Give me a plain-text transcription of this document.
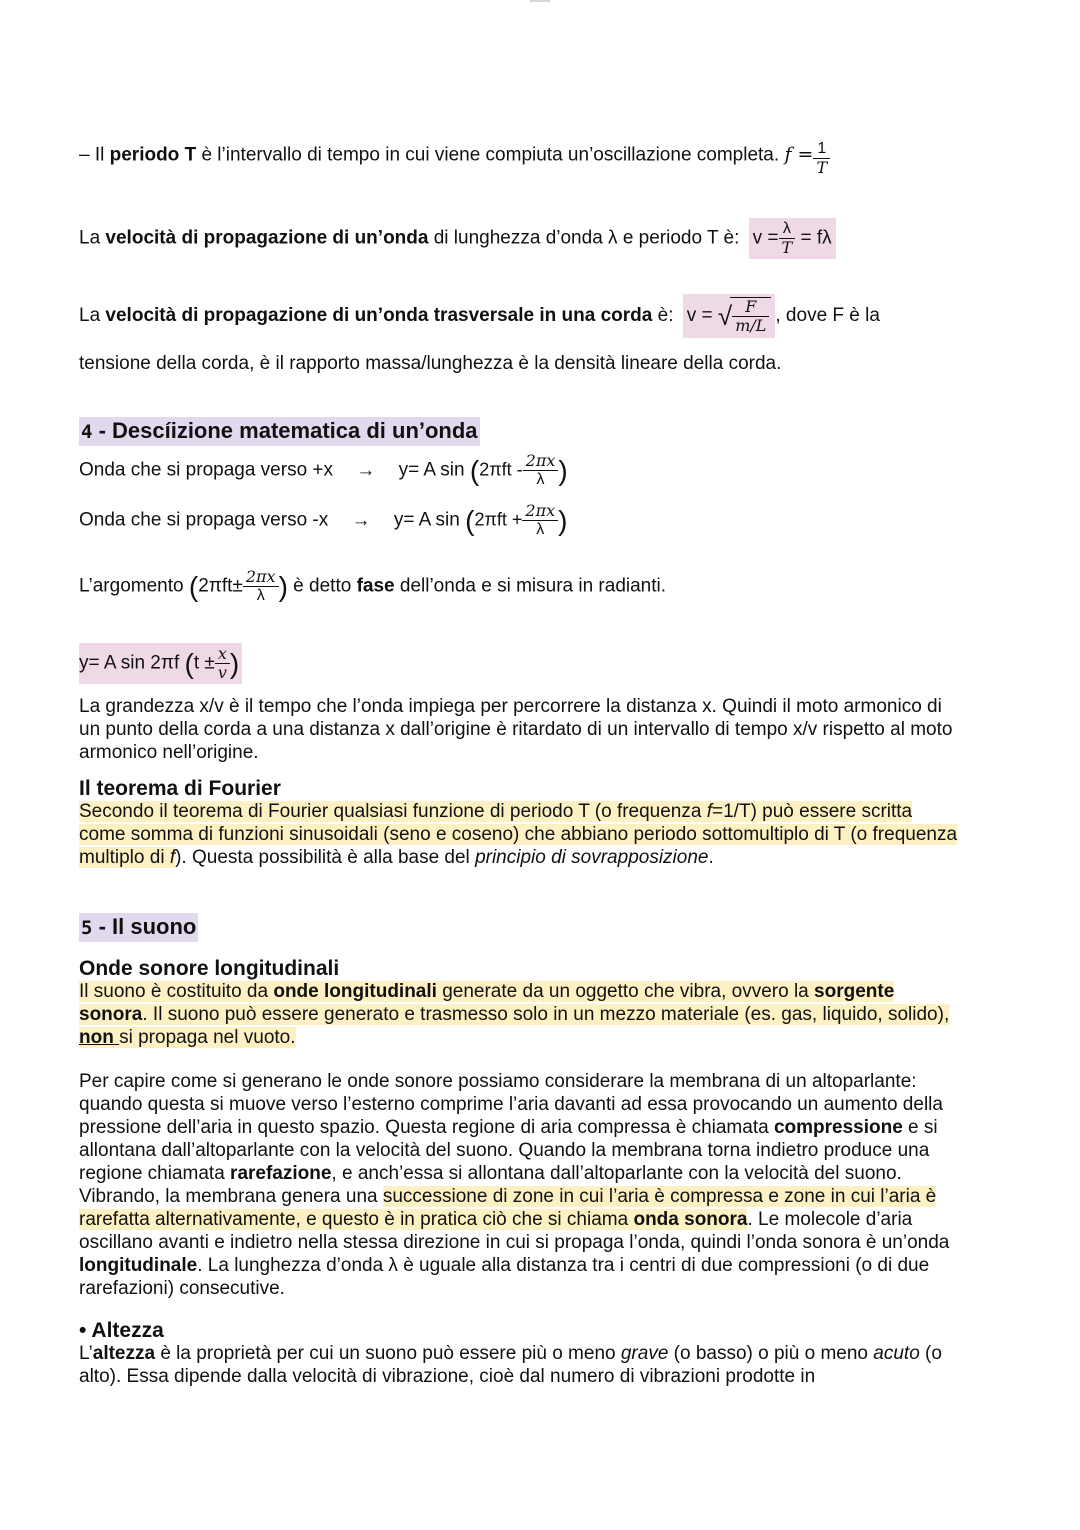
– Il periodo T è l’intervallo di tempo in cui viene compiuta un’oscillazione completa. $f = \frac{1}{T}$
La velocità di propagazione di un’onda di lunghezza d’onda λ e periodo T è: $v = \frac{\lambda}{T} = f\lambda$
La velocità di propagazione di un’onda trasversale in una corda è: v = √ $\frac{F}{m/L}$ , dove F è la
tensione della corda, è il rapporto massa/lunghezza è la densità lineare della corda.
4 - Descíizione matematica di un’onda
Onda che si propaga verso +x → y= A $\sin (2\pi ft - \frac{2\pi x}{\lambda}$ )
Onda che si propaga verso -x → y= A $\sin (2\pi ft + \frac{2\pi x}{\lambda}$ )
L’argomento ($2\pi ft\pm \frac{2\pi x}{\lambda}$ ) è detto fase dell’onda e si misura in radianti.
y= A sin 2πf ($t \pm \frac{x}{v}$ )
La grandezza x/v è il tempo che l’onda impiega per percorrere la distanza x. Quindi il moto armonico di un punto della corda a una distanza x dall’origine è ritardato di un intervallo di tempo x/v rispetto al moto armonico nell’origine.
Il teorema di Fourier
Secondo il teorema di Fourier qualsiasi funzione di periodo T (o frequenza f=1/T) può essere scritta come somma di funzioni sinusoidali (seno e coseno) che abbiano periodo sottomultiplo di T (o frequenza multiplo di f). Questa possibilità è alla base del principio di sovrapposizione.
5 - Il suono
Onde sonore longitudinali
Il suono è costituito da onde longitudinali generate da un oggetto che vibra, ovvero la sorgente sonora. Il suono può essere generato e trasmesso solo in un mezzo materiale (es. gas, liquido, solido), non si propaga nel vuoto.
Per capire come si generano le onde sonore possiamo considerare la membrana di un altoparlante: quando questa si muove verso l’esterno comprime l’aria davanti ad essa provocando un aumento della pressione dell’aria in questo spazio. Questa regione di aria compressa è chiamata compressione e si allontana dall’altoparlante con la velocità del suono. Quando la membrana torna indietro produce una regione chiamata rarefazione, e anch’essa si allontana dall’altoparlante con la velocità del suono. Vibrando, la membrana genera una successione di zone in cui l’aria è compressa e zone in cui l’aria è rarefatta alternativamente, e questo è in pratica ciò che si chiama onda sonora. Le molecole d’aria oscillano avanti e indietro nella stessa direzione in cui si propaga l’onda, quindi l’onda sonora è un’onda longitudinale. La lunghezza d’onda λ è uguale alla distanza tra i centri di due compressioni (o di due rarefazioni) consecutive.
• Altezza
L’altezza è la proprietà per cui un suono può essere più o meno grave (o basso) o più o meno acuto (o alto). Essa dipende dalla velocità di vibrazione, cioè dal numero di vibrazioni prodotte in
